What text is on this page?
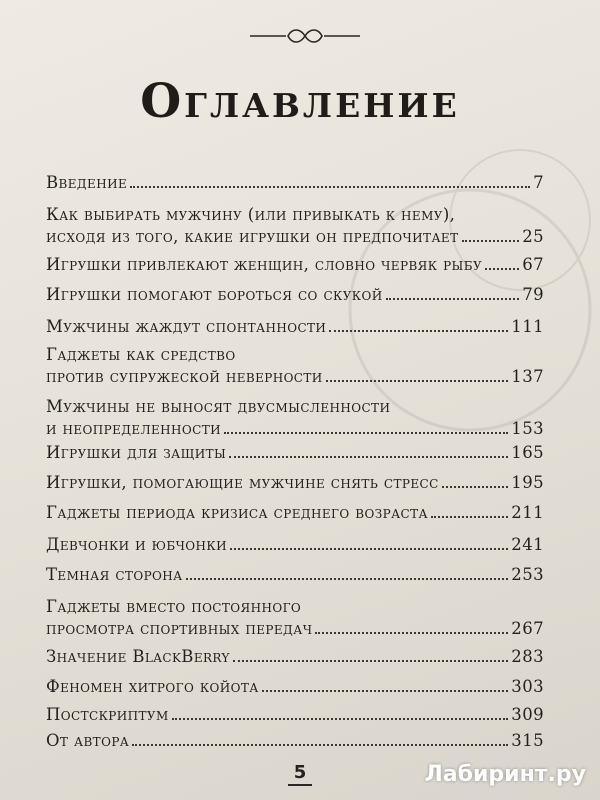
Оглавление
Введение	7
Как выбирать мужчину (или привыкать к нему),
исходя из того, какие игрушки он предпочитает	25
Игрушки привлекают женщин, словно червяк рыбу 67
Игрушки помогают бороться со скукой	79
Мужчины жаждут спонтанности	111
Гаджеты как средство
против супружеской неверности	137
Мужчины не выносят двусмысленности
и неопределенности	153
Игрушки для защиты	165
Игрушки, помогающие мужчине снять стресс	195
Гаджеты периода кризиса среднего возраста	211
Девчонки и юбчонки	241
Темная сторона	253
Гаджеты вместо постоянного
просмотра спортивных передач	267
Значение BlackBerry	283
Феномен хитрого койота	303
Постскриптум	309
От автора	315
5	Лабиринт.ру
